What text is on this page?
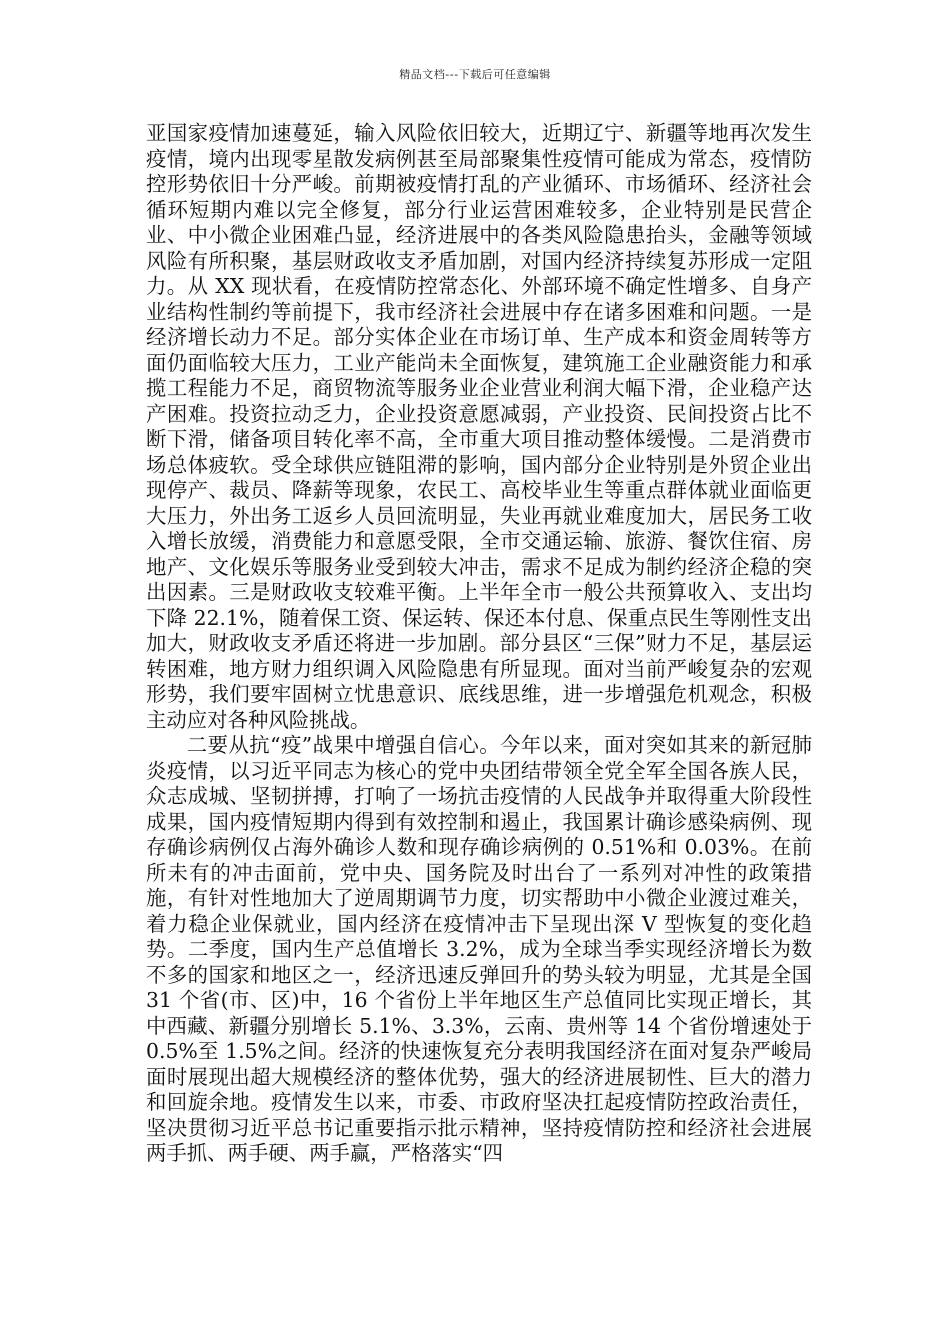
精品文档---下载后可任意编辑

亚国家疫情加速蔓延，输入风险依旧较大，近期辽宁、新疆等地再次发生疫情，境内出现零星散发病例甚至局部聚集性疫情可能成为常态，疫情防控形势依旧十分严峻。前期被疫情打乱的产业循环、市场循环、经济社会循环短期内难以完全修复，部分行业运营困难较多，企业特别是民营企业、中小微企业困难凸显，经济进展中的各类风险隐患抬头，金融等领域风险有所积聚，基层财政收支矛盾加剧，对国内经济持续复苏形成一定阻力。从 XX 现状看，在疫情防控常态化、外部环境不确定性增多、自身产业结构性制约等前提下，我市经济社会进展中存在诸多困难和问题。一是经济增长动力不足。部分实体企业在市场订单、生产成本和资金周转等方面仍面临较大压力，工业产能尚未全面恢复，建筑施工企业融资能力和承揽工程能力不足，商贸物流等服务业企业营业利润大幅下滑，企业稳产达产困难。投资拉动乏力，企业投资意愿减弱，产业投资、民间投资占比不断下滑，储备项目转化率不高，全市重大项目推动整体缓慢。二是消费市场总体疲软。受全球供应链阻滞的影响，国内部分企业特别是外贸企业出现停产、裁员、降薪等现象，农民工、高校毕业生等重点群体就业面临更大压力，外出务工返乡人员回流明显，失业再就业难度加大，居民务工收入增长放缓，消费能力和意愿受限，全市交通运输、旅游、餐饮住宿、房地产、文化娱乐等服务业受到较大冲击，需求不足成为制约经济企稳的突出因素。三是财政收支较难平衡。上半年全市一般公共预算收入、支出均下降 22.1%，随着保工资、保运转、保还本付息、保重点民生等刚性支出加大，财政收支矛盾还将进一步加剧。部分县区“三保”财力不足，基层运转困难，地方财力组织调入风险隐患有所显现。面对当前严峻复杂的宏观形势，我们要牢固树立忧患意识、底线思维，进一步增强危机观念，积极主动应对各种风险挑战。

二要从抗“疫”战果中增强自信心。今年以来，面对突如其来的新冠肺炎疫情，以习近平同志为核心的党中央团结带领全党全军全国各族人民，众志成城、坚韧拼搏，打响了一场抗击疫情的人民战争并取得重大阶段性成果，国内疫情短期内得到有效控制和遏止，我国累计确诊感染病例、现存确诊病例仅占海外确诊人数和现存确诊病例的 0.51%和 0.03%。在前所未有的冲击面前，党中央、国务院及时出台了一系列对冲性的政策措施，有针对性地加大了逆周期调节力度，切实帮助中小微企业渡过难关，着力稳企业保就业，国内经济在疫情冲击下呈现出深 V 型恢复的变化趋势。二季度，国内生产总值增长 3.2%，成为全球当季实现经济增长为数不多的国家和地区之一，经济迅速反弹回升的势头较为明显，尤其是全国 31 个省(市、区)中，16 个省份上半年地区生产总值同比实现正增长，其中西藏、新疆分别增长 5.1%、3.3%，云南、贵州等 14 个省份增速处于 0.5%至 1.5%之间。经济的快速恢复充分表明我国经济在面对复杂严峻局面时展现出超大规模经济的整体优势，强大的经济进展韧性、巨大的潜力和回旋余地。疫情发生以来，市委、市政府坚决扛起疫情防控政治责任，坚决贯彻习近平总书记重要指示批示精神，坚持疫情防控和经济社会进展两手抓、两手硬、两手赢，严格落实“四
